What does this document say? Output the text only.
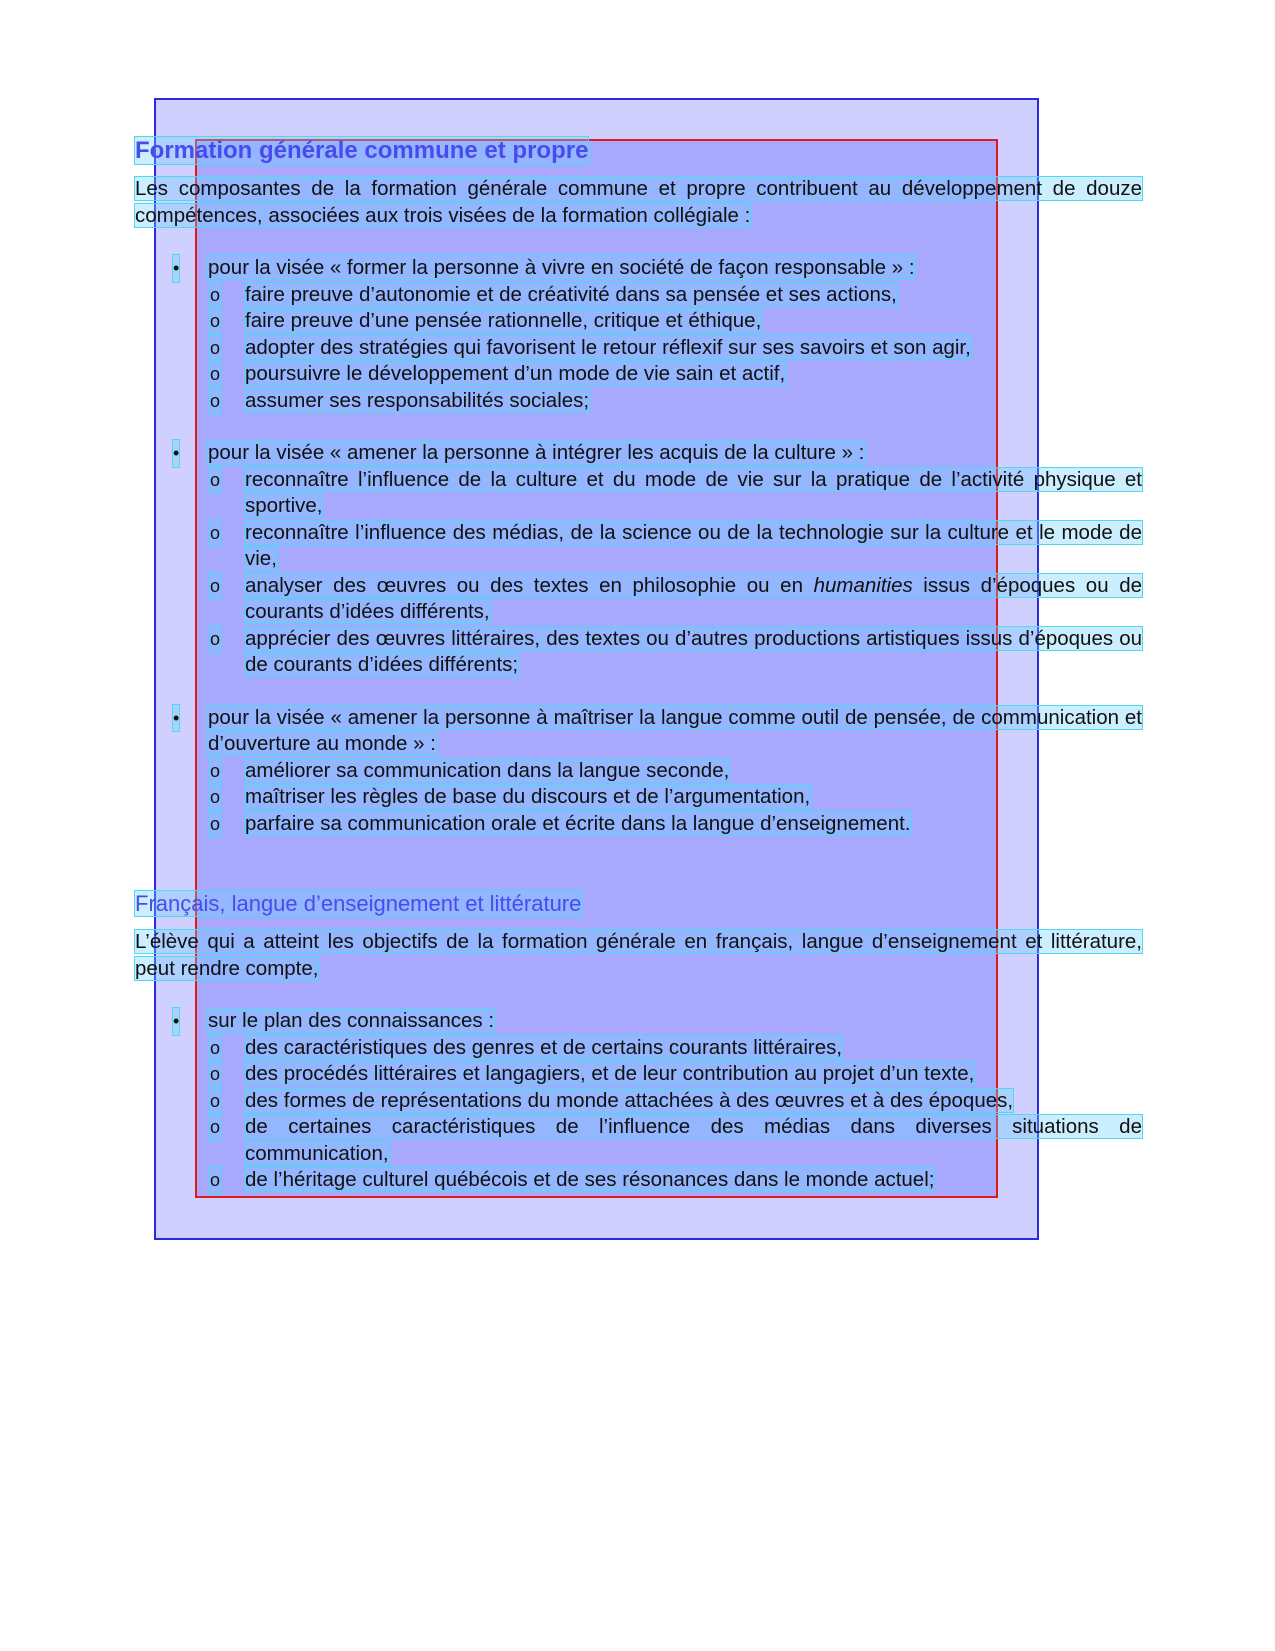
Formation générale commune et propre

Les composantes de la formation générale commune et propre contribuent au développement de douze compétences, associées aux trois visées de la formation collégiale :

• pour la visée « former la personne à vivre en société de façon responsable » :
o faire preuve d’autonomie et de créativité dans sa pensée et ses actions,
o faire preuve d’une pensée rationnelle, critique et éthique,
o adopter des stratégies qui favorisent le retour réflexif sur ses savoirs et son agir,
o poursuivre le développement d’un mode de vie sain et actif,
o assumer ses responsabilités sociales;
• pour la visée « amener la personne à intégrer les acquis de la culture » :
o reconnaître l’influence de la culture et du mode de vie sur la pratique de l’activité physique et sportive,
o reconnaître l’influence des médias, de la science ou de la technologie sur la culture et le mode de vie,
o analyser des œuvres ou des textes en philosophie ou en humanities issus d’époques ou de courants d’idées différents,
o apprécier des œuvres littéraires, des textes ou d’autres productions artistiques issus d’époques ou de courants d’idées différents;
• pour la visée « amener la personne à maîtriser la langue comme outil de pensée, de communication et d’ouverture au monde » :
o améliorer sa communication dans la langue seconde,
o maîtriser les règles de base du discours et de l’argumentation,
o parfaire sa communication orale et écrite dans la langue d’enseignement.
Français, langue d’enseignement et littérature

L’élève qui a atteint les objectifs de la formation générale en français, langue d’enseignement et littérature, peut rendre compte,

• sur le plan des connaissances :
o des caractéristiques des genres et de certains courants littéraires,
o des procédés littéraires et langagiers, et de leur contribution au projet d’un texte,
o des formes de représentations du monde attachées à des œuvres et à des époques,
o de certaines caractéristiques de l’influence des médias dans diverses situations de communication,
o de l’héritage culturel québécois et de ses résonances dans le monde actuel;
